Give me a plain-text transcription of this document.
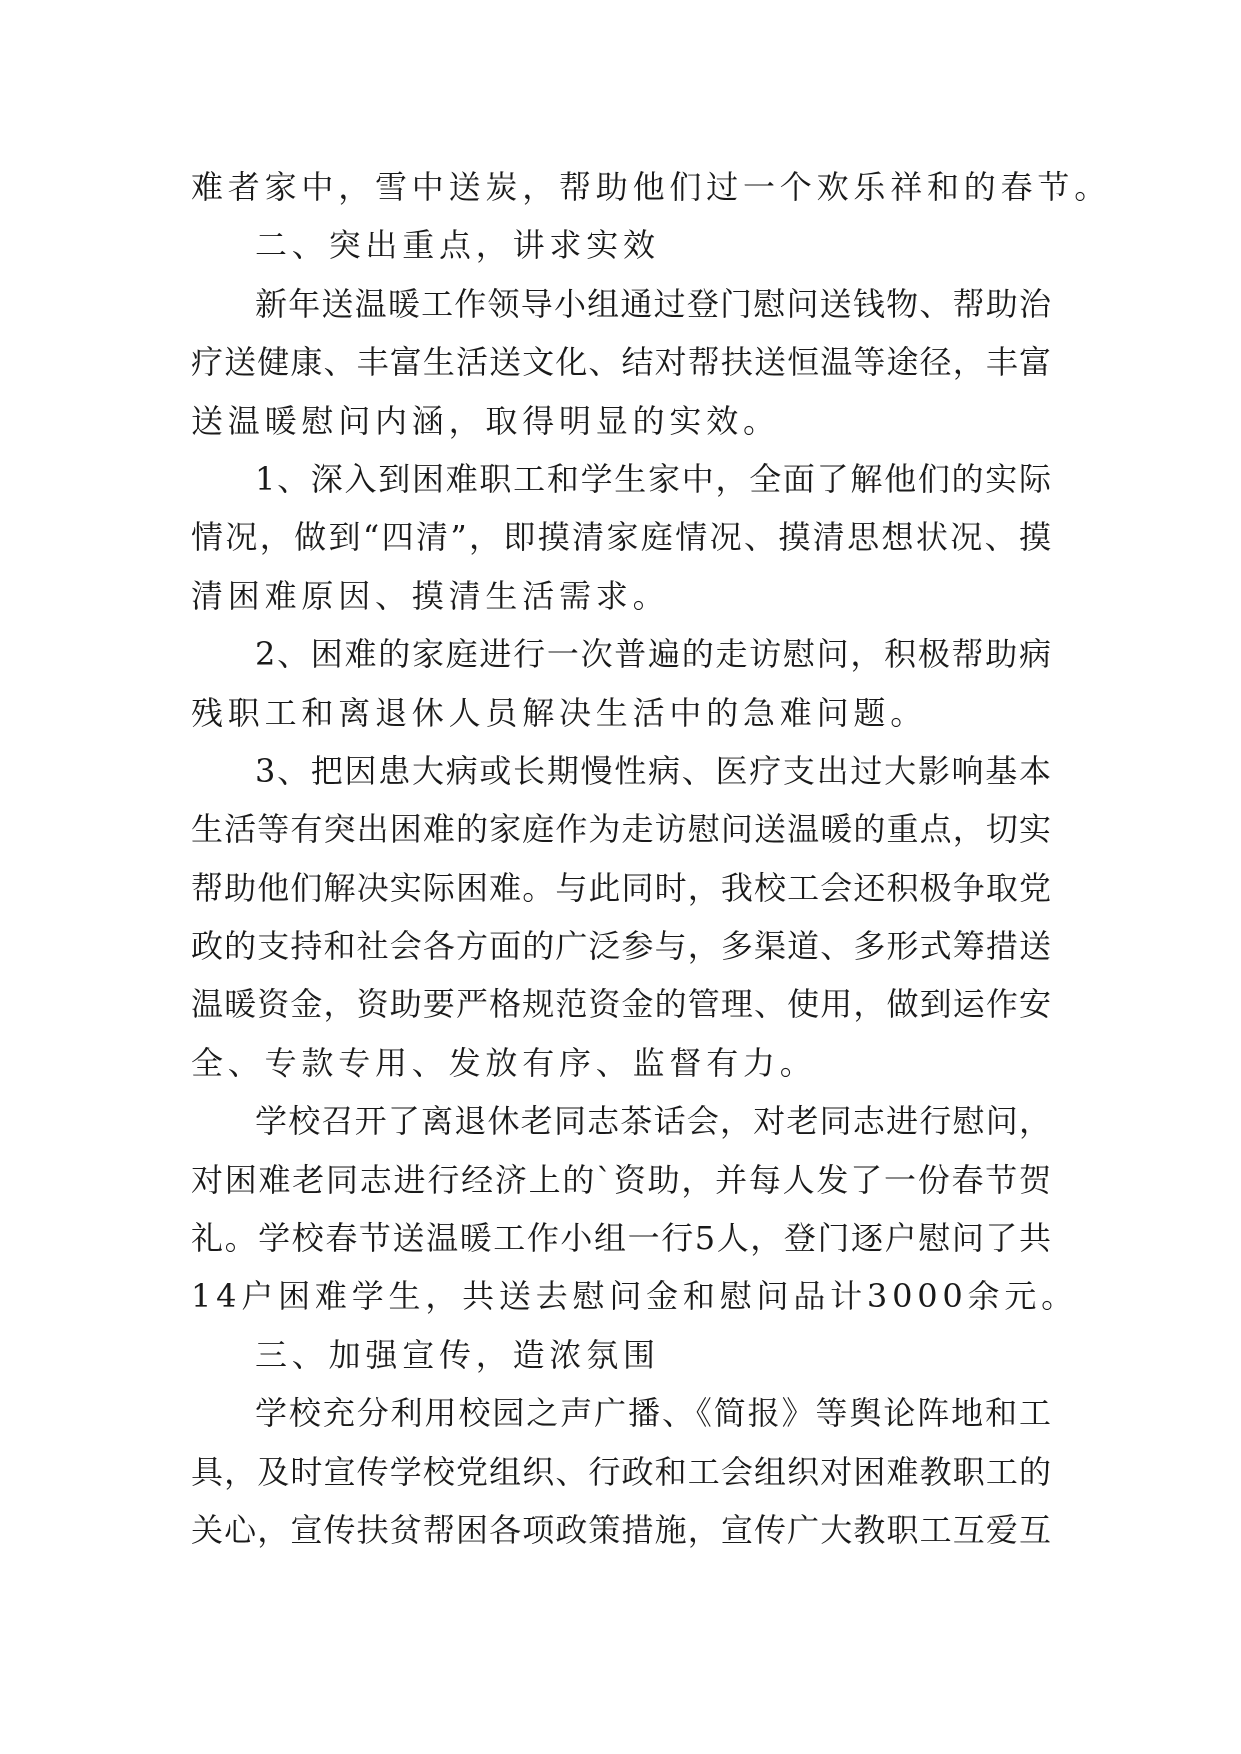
难者家中，雪中送炭，帮助他们过一个欢乐祥和的春节。
二、突出重点，讲求实效
新年送温暖工作领导小组通过登门慰问送钱物、帮助治
疗送健康、丰富生活送文化、结对帮扶送恒温等途径，丰富
送温暖慰问内涵，取得明显的实效。
1、深入到困难职工和学生家中，全面了解他们的实际
情况，做到“四清”，即摸清家庭情况、摸清思想状况、摸
清困难原因、摸清生活需求。
2、困难的家庭进行一次普遍的走访慰问，积极帮助病
残职工和离退休人员解决生活中的急难问题。
3、把因患大病或长期慢性病、医疗支出过大影响基本
生活等有突出困难的家庭作为走访慰问送温暖的重点，切实
帮助他们解决实际困难。与此同时，我校工会还积极争取党
政的支持和社会各方面的广泛参与，多渠道、多形式筹措送
温暖资金，资助要严格规范资金的管理、使用，做到运作安
全、专款专用、发放有序、监督有力。
学校召开了离退休老同志茶话会，对老同志进行慰问，
对困难老同志进行经济上的`资助，并每人发了一份春节贺
礼。学校春节送温暖工作小组一行5人，登门逐户慰问了共
14户困难学生，共送去慰问金和慰问品计3000余元。
三、加强宣传，造浓氛围
学校充分利用校园之声广播、《简报》等舆论阵地和工
具，及时宣传学校党组织、行政和工会组织对困难教职工的
关心，宣传扶贫帮困各项政策措施，宣传广大教职工互爱互
